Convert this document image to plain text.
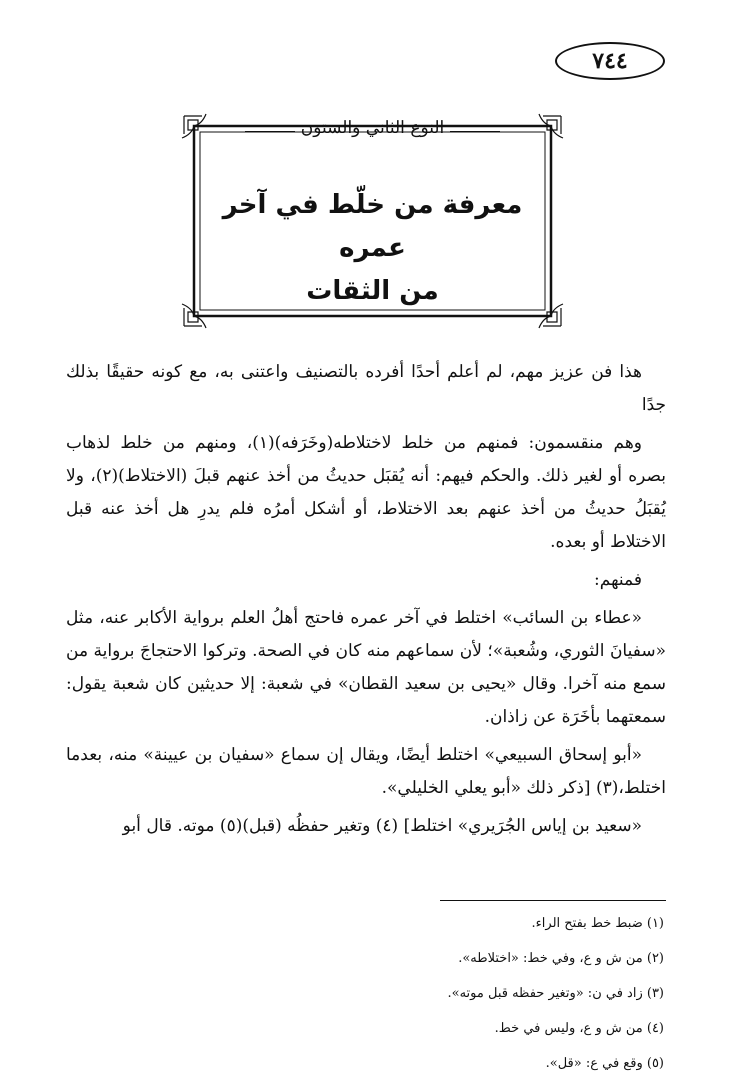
٧٤٤
النوع الثاني والستون
معرفة من خلّط في آخر عمره
من الثقات

هذا فن عزيز مهم، لم أعلم أحدًا أفرده بالتصنيف واعتنى به، مع كونه حقيقًا بذلك جدًا

وهم منقسمون: فمنهم من خلط لاختلاطه(وخَرَفه)(١)، ومنهم من خلط لذهاب بصره أو لغير ذلك. والحكم فيهم: أنه يُقبَل حديثُ من أخذ عنهم قبلَ (الاختلاط)(٢)، ولا يُقبَلُ حديثُ من أخذ عنهم بعد الاختلاط، أو أشكل أمرُه فلم يدرِ هل أخذ عنه قبل الاختلاط أو بعده.

فمنهم:

«عطاء بن السائب» اختلط في آخر عمره فاحتج أهلُ العلم برواية الأكابر عنه، مثل «سفيانَ الثوري، وشُعبة»؛ لأن سماعهم منه كان في الصحة. وتركوا الاحتجاجَ برواية من سمع منه آخرا. وقال «يحيى بن سعيد القطان» في شعبة: إلا حديثين كان شعبة يقول: سمعتهما بأخَرَة عن زاذان.

«أبو إسحاق السبيعي» اختلط أيضًا، ويقال إن سماع «سفيان بن عيينة» منه، بعدما اختلط،(٣) [ذكر ذلك «أبو يعلي الخليلي».

«سعيد بن إياس الجُرَيري» اختلط] (٤) وتغير حفظُه (قبل)(٥) موته. قال أبو

(١) ضبط خط بفتح الراء.

(٢) من ش و ع، وفي خط: «اختلاطه».

(٣) زاد في ن: «وتغير حفظه قبل موته».

(٤) من ش و ع، وليس في خط.

(٥) وقع في ع: «قل».
